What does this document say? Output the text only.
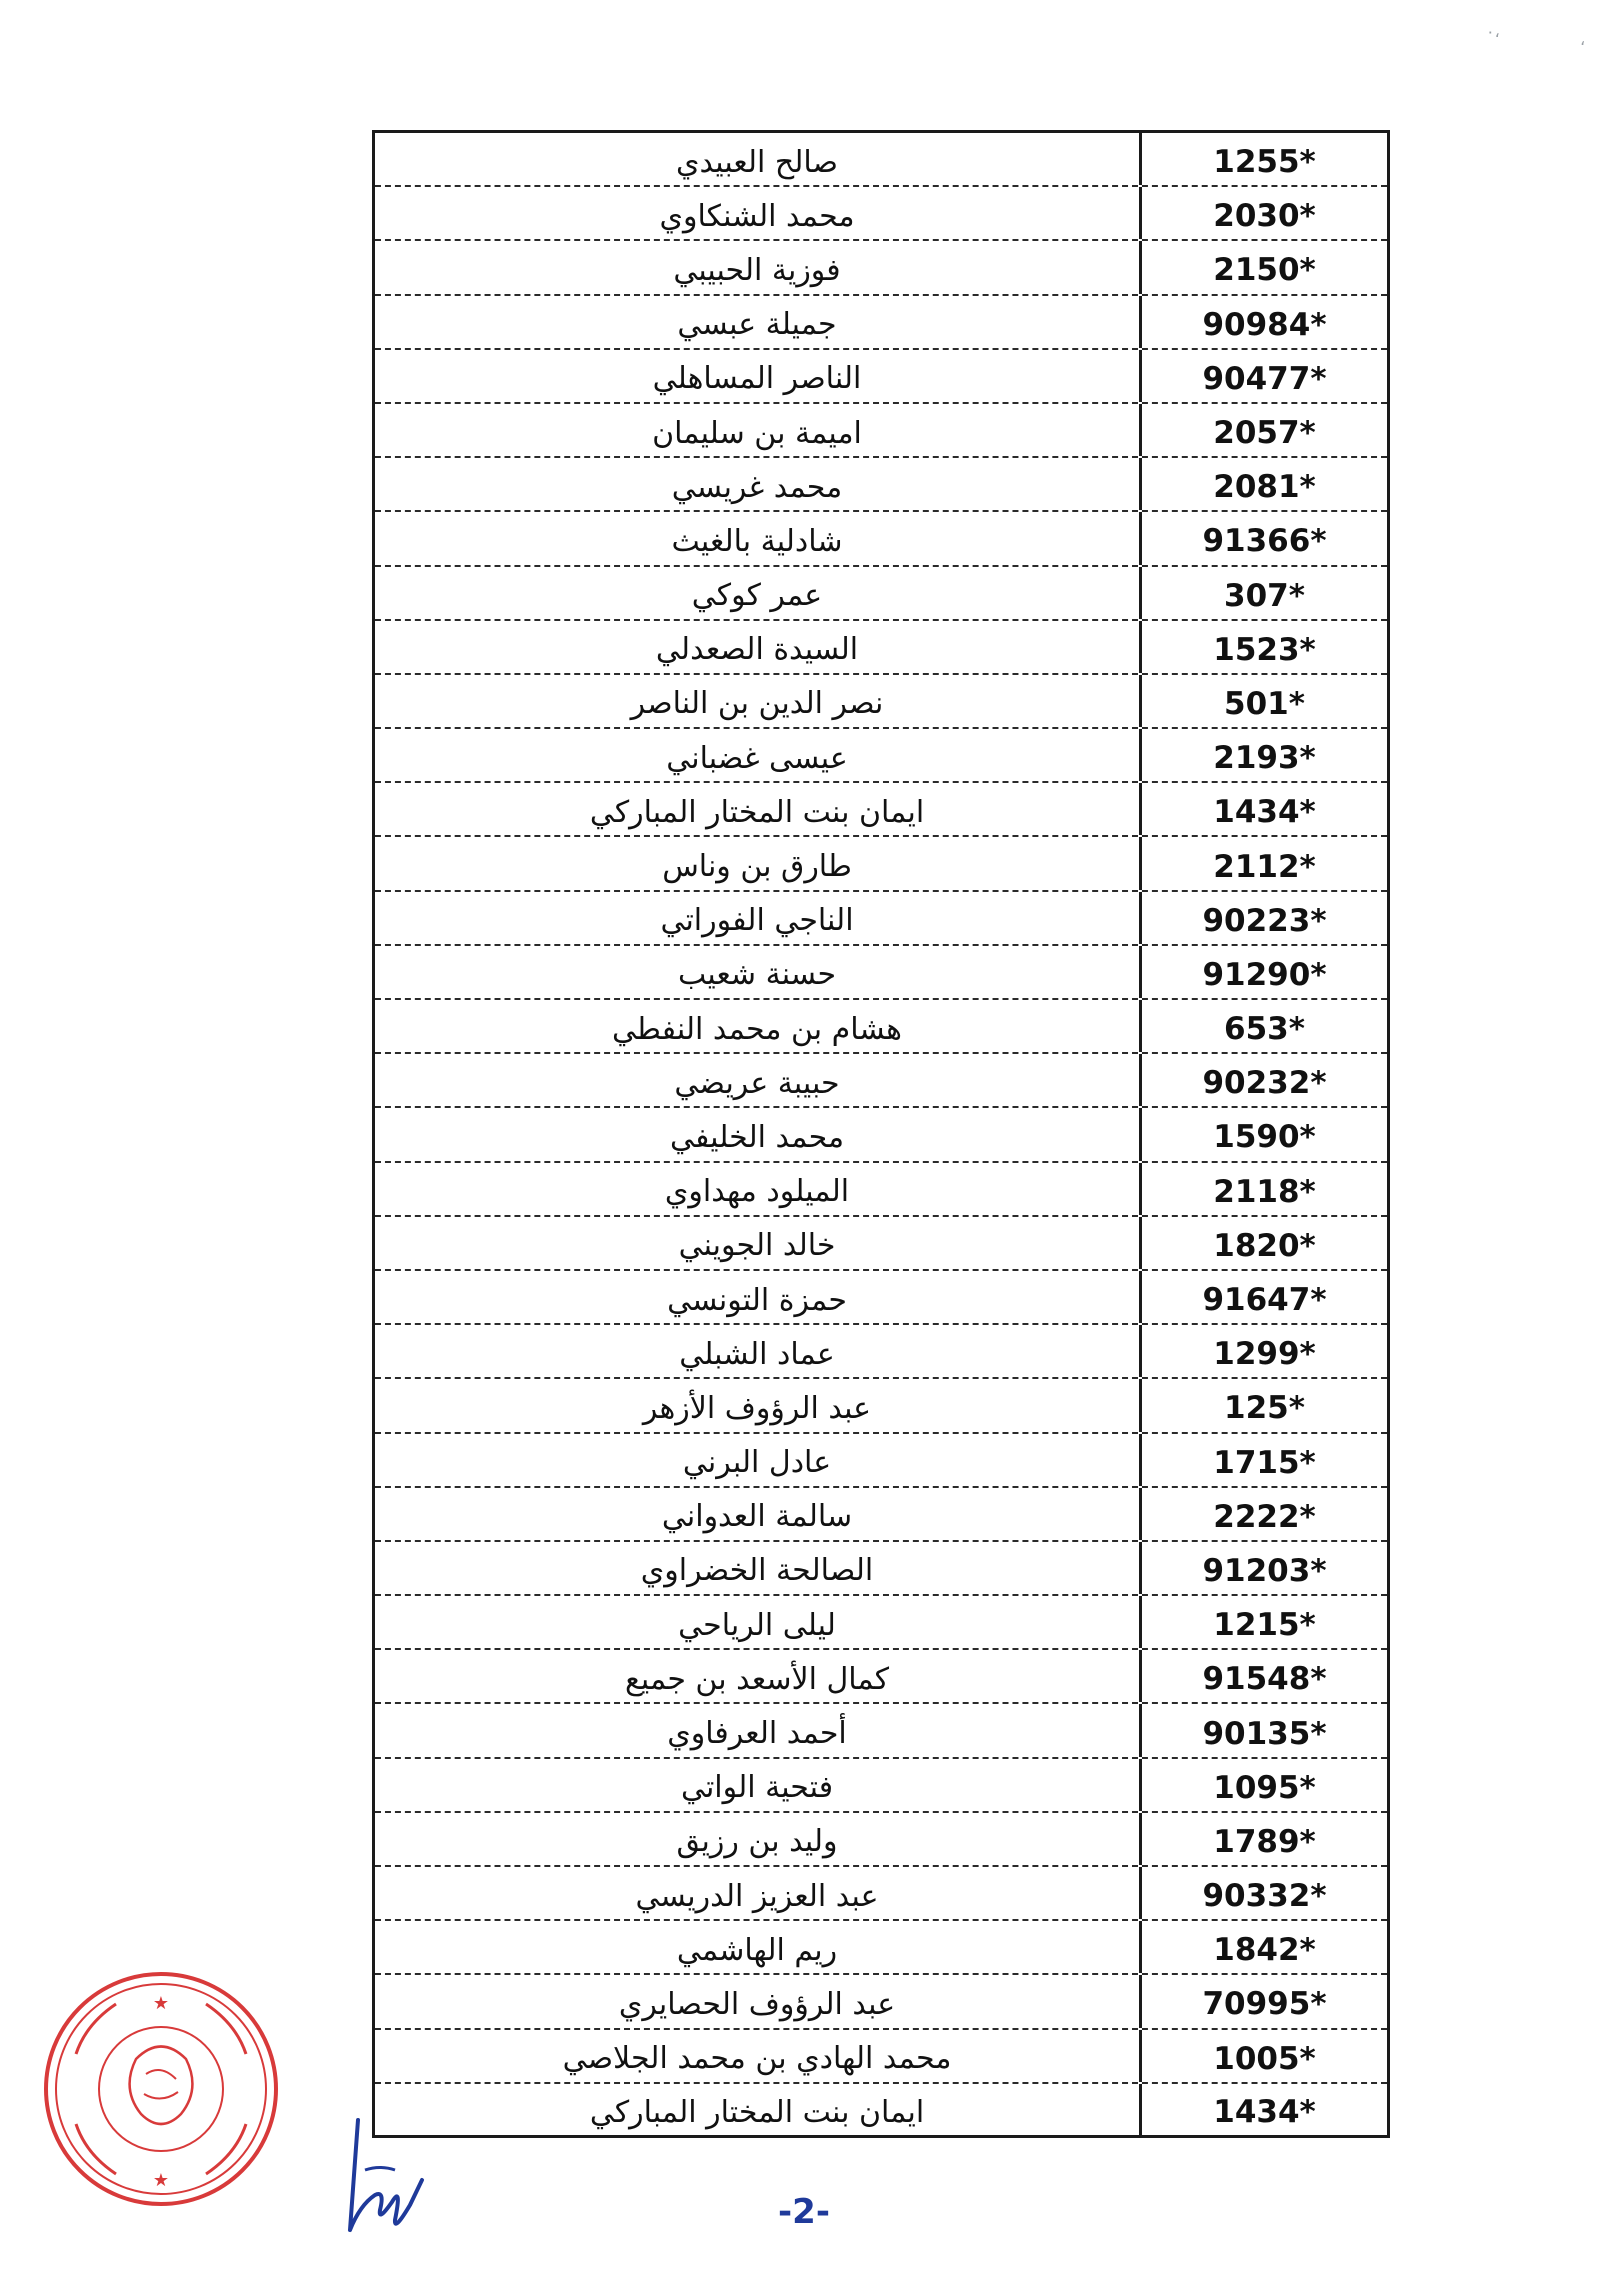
٠،	،
1255*
صالح العبيدي
2030*
محمد الشنكاوي
2150*
فوزية الحبيبي
90984*
جميلة عبسي
90477*
الناصر المساهلي
2057*
اميمة بن سليمان
2081*
محمد غريسي
91366*
شادلية بالغيث
307*
عمر كوكي
1523*
السيدة الصعدلي
501*
نصر الدين بن الناصر
2193*
عيسى غضباني
1434*
ايمان بنت المختار المباركي
2112*
طارق بن وناس
90223*
الناجي الفوراتي
91290*
حسنة شعيب
653*
هشام بن محمد النفطي
90232*
حبيبة عريضي
1590*
محمد الخليفي
2118*
الميلود مهداوي
1820*
خالد الجويني
91647*
حمزة التونسي
1299*
عماد الشبلي
125*
عبد الرؤوف الأزهر
1715*
عادل البرني
2222*
سالمة العدواني
91203*
الصالحة الخضراوي
1215*
ليلى الرياحي
91548*
كمال الأسعد بن جميع
90135*
أحمد العرفاوي
1095*
فتحية الواتي
1789*
وليد بن رزيق
90332*
عبد العزيز الدريسي
1842*
ريم الهاشمي
70995*
عبد الرؤوف الحصايري
1005*
محمد الهادي بن محمد الجلاصي
1434*
ايمان بنت المختار المباركي
★
★
-2-
